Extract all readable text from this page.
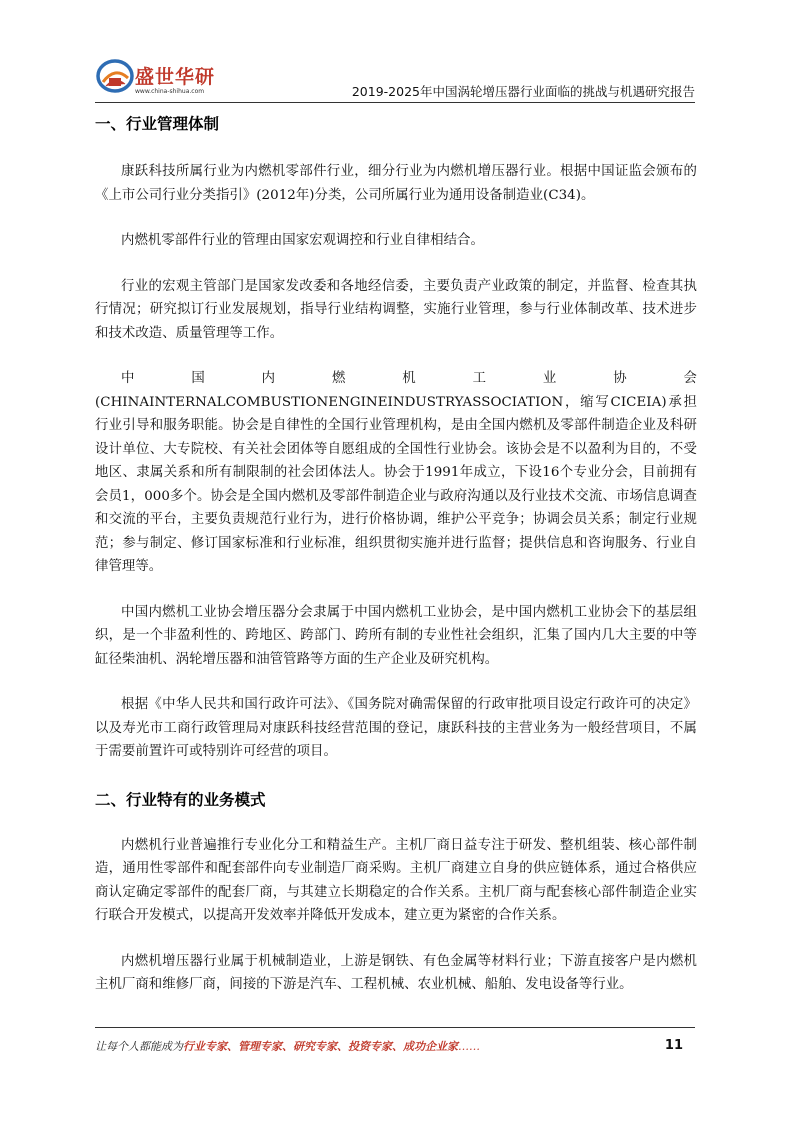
盛世华研
www.china-shihua.com	2019-2025年中国涡轮增压器行业面临的挑战与机遇研究报告
一、行业管理体制

康跃科技所属行业为内燃机零部件行业，细分行业为内燃机增压器行业。根据中国证监会颁布的《上市公司行业分类指引》(2012年)分类，公司所属行业为通用设备制造业(C34)。

内燃机零部件行业的管理由国家宏观调控和行业自律相结合。

行业的宏观主管部门是国家发改委和各地经信委，主要负责产业政策的制定，并监督、检查其执行情况；研究拟订行业发展规划，指导行业结构调整，实施行业管理，参与行业体制改革、技术进步和技术改造、质量管理等工作。

中国内燃机工业协会(CHINAINTERNALCOMBUSTIONENGINEINDUSTRYASSOCIATION，缩写CICEIA)承担行业引导和服务职能。协会是自律性的全国行业管理机构，是由全国内燃机及零部件制造企业及科研设计单位、大专院校、有关社会团体等自愿组成的全国性行业协会。该协会是不以盈利为目的，不受地区、隶属关系和所有制限制的社会团体法人。协会于1991年成立，下设16个专业分会，目前拥有会员1，000多个。协会是全国内燃机及零部件制造企业与政府沟通以及行业技术交流、市场信息调查和交流的平台，主要负责规范行业行为，进行价格协调，维护公平竞争；协调会员关系；制定行业规范；参与制定、修订国家标准和行业标准，组织贯彻实施并进行监督；提供信息和咨询服务、行业自律管理等。

中国内燃机工业协会增压器分会隶属于中国内燃机工业协会，是中国内燃机工业协会下的基层组织，是一个非盈利性的、跨地区、跨部门、跨所有制的专业性社会组织，汇集了国内几大主要的中等缸径柴油机、涡轮增压器和油管管路等方面的生产企业及研究机构。

根据《中华人民共和国行政许可法》、《国务院对确需保留的行政审批项目设定行政许可的决定》以及寿光市工商行政管理局对康跃科技经营范围的登记，康跃科技的主营业务为一般经营项目，不属于需要前置许可或特别许可经营的项目。

二、行业特有的业务模式

内燃机行业普遍推行专业化分工和精益生产。主机厂商日益专注于研发、整机组装、核心部件制造，通用性零部件和配套部件向专业制造厂商采购。主机厂商建立自身的供应链体系，通过合格供应商认定确定零部件的配套厂商，与其建立长期稳定的合作关系。主机厂商与配套核心部件制造企业实行联合开发模式，以提高开发效率并降低开发成本，建立更为紧密的合作关系。

内燃机增压器行业属于机械制造业，上游是钢铁、有色金属等材料行业；下游直接客户是内燃机主机厂商和维修厂商，间接的下游是汽车、工程机械、农业机械、船舶、发电设备等行业。

让每个人都能成为行业专家、管理专家、研究专家、投资专家、成功企业家……	11
